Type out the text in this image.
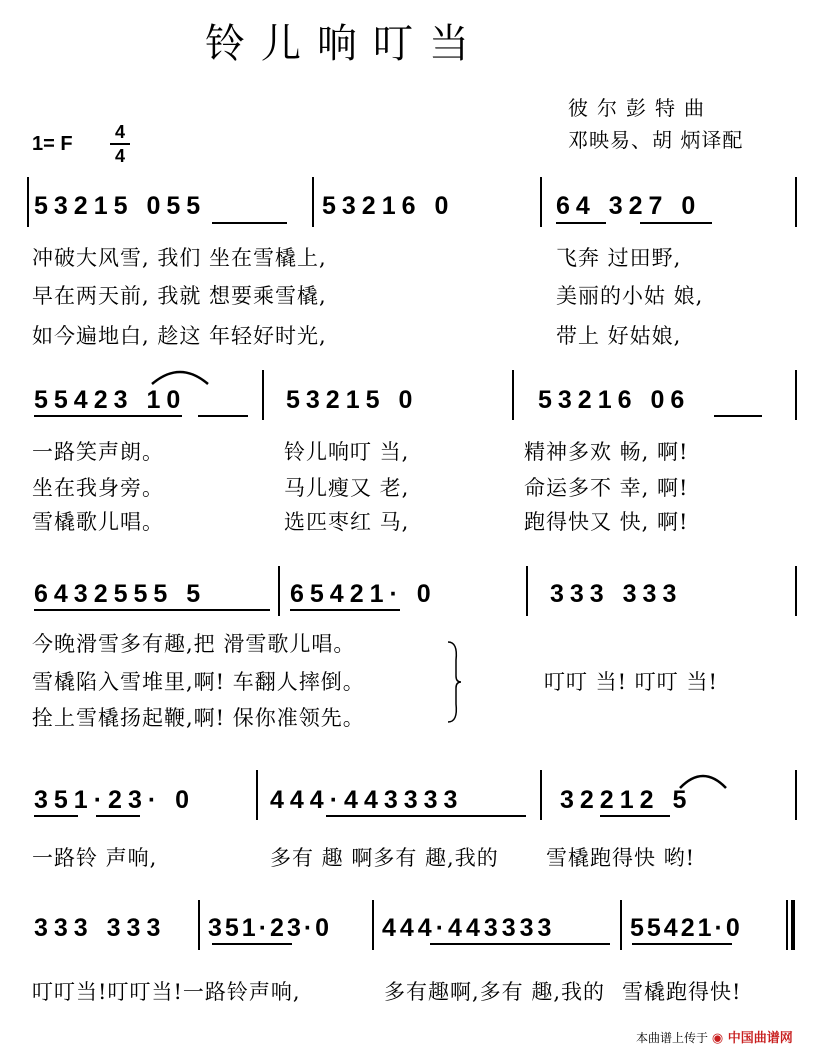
铃儿响叮当
彼尔彭特曲
邓映易、胡 炳译配
1= F
4
4
53215 055	53216 0	64 327 0
冲破大风雪, 我们 坐在雪橇上,	飞奔 过田野,
早在两天前, 我就 想要乘雪橇,	美丽的小姑 娘,
如今遍地白, 趁这 年轻好时光,	带上 好姑娘,
55423 10	53215 0	53216 06
一路笑声朗。	铃儿响叮 当,	精神多欢 畅, 啊!
坐在我身旁。	马儿瘦又 老,	命运多不 幸, 啊!
雪橇歌儿唱。	选匹枣红 马,	跑得快又 快, 啊!
6432555 5	65421· 0	333 333
今晚滑雪多有趣,把 滑雪歌儿唱。
雪橇陷入雪堆里,啊! 车翻人摔倒。
拴上雪橇扬起鞭,啊! 保你准领先。
叮叮 当! 叮叮 当!
351·23· 0	444·443333	32212 5
一路铃 声响,	多有 趣 啊多有 趣,我的 雪橇跑得快 哟!
333 333 351·23·0 444·443333	55421·0
叮叮当!叮叮当!一路铃声响,	多有趣啊,多有 趣,我的 雪橇跑得快!
本曲谱上传于 ◉ 中国曲谱网
